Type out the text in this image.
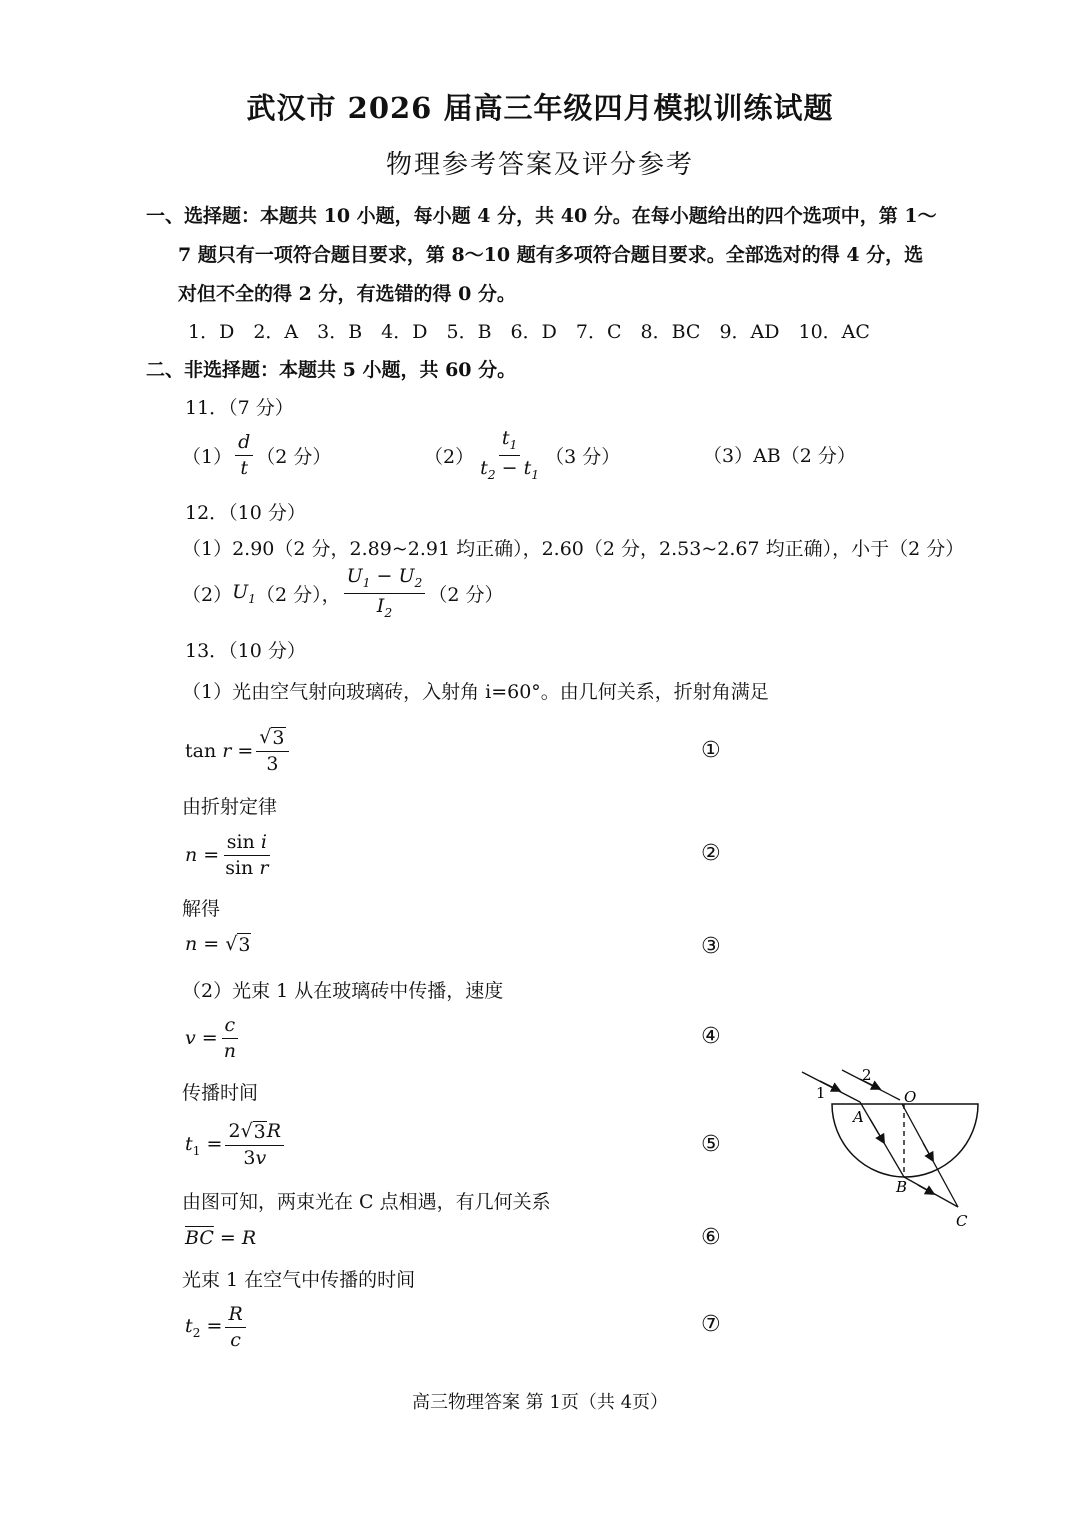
武汉市 2026 届高三年级四月模拟训练试题
物理参考答案及评分参考
一、选择题：本题共 10 小题，每小题 4 分，共 40 分。在每小题给出的四个选项中，第 1～
7 题只有一项符合题目要求，第 8～10 题有多项符合题目要求。全部选对的得 4 分，选
对但不全的得 2 分，有选错的得 0 分。
1．D　2．A　3．B　4．D　5．B　6．D　7．C　8．BC　9．AD　10．AC
二、非选择题：本题共 5 小题，共 60 分。
11．（7 分）
$(1) \frac{d}{t} (2$ 分）	$(2) \frac{t_1}{t_2 - t_1} (3$ 分）	（3）AB（2 分）
12．（10 分）
（1）2.90（2 分，2.89~2.91 均正确），2.60（2 分，2.53~2.67 均正确），小于（2 分）
（2） $U_1$ （2 分）， $\frac{U_1 - U_2}{I_2} (2$ 分）
13．（10 分）
（1）光由空气射向玻璃砖，入射角 i=60°。由几何关系，折射角满足
$\tan r = \frac{√ 3}{3}$	①
由折射定律
$n = \frac{\text{sin i}}{\text{sin r}}$	②
解得
n = √ 3	③
（2）光束 1 从在玻璃砖中传播，速度
$v = \frac{c}{n}$	④
传播时间
$t_1 = \frac{2 √ 3 R}{3v}$	⑤
由图可知，两束光在 C 点相遇，有几何关系
$\overline{BC} = R$	⑥
光束 1 在空气中传播的时间
$t_2 = \frac{R}{c}$	⑦
1
2
O
A
B
C
高三物理答案 第 1页（共 4页）
